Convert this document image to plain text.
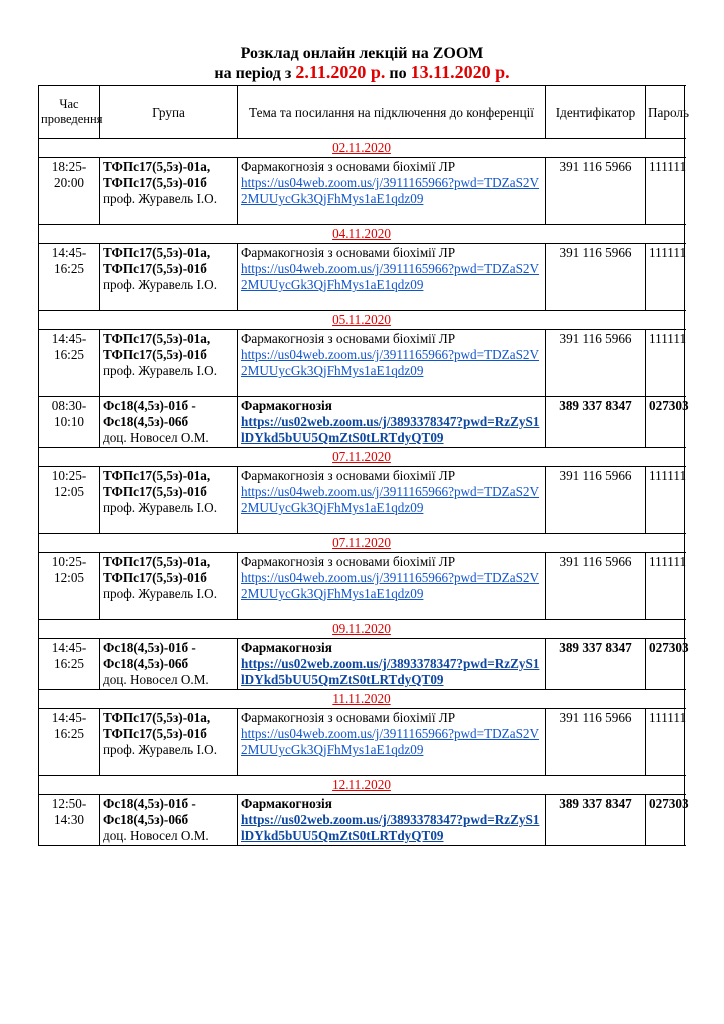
Розклад онлайн лекцій на ZOOM
на період з 2.11.2020 р. по 13.11.2020 р.
Час проведення	Група	Тема та посилання на підключення до конференції	Ідентифікатор	Пароль
02.11.2020				
18:25-20:00	ТФПс17(5,5з)-01а,
ТФПс17(5,5з)-01б
проф. Журавель І.О.	Фармакогнозія з основами біохімії ЛР
https://us04web.zoom.us/j/3911165966?pwd=TDZaS2V2MUUycGk3QjFhMys1aE1qdz09	391 116 5966	111111
04.11.2020				
14:45-16:25	ТФПс17(5,5з)-01а,
ТФПс17(5,5з)-01б
проф. Журавель І.О.	Фармакогнозія з основами біохімії ЛР
https://us04web.zoom.us/j/3911165966?pwd=TDZaS2V2MUUycGk3QjFhMys1aE1qdz09	391 116 5966	111111
05.11.2020				
14:45-16:25	ТФПс17(5,5з)-01а,
ТФПс17(5,5з)-01б
проф. Журавель І.О.	Фармакогнозія з основами біохімії ЛР
https://us04web.zoom.us/j/3911165966?pwd=TDZaS2V2MUUycGk3QjFhMys1aE1qdz09	391 116 5966	111111
08:30-10:10	Фс18(4,5з)-01б -
Фс18(4,5з)-06б
доц. Новосел О.М.	Фармакогнозія
https://us02web.zoom.us/j/3893378347?pwd=RzZyS1lDYkd5bUU5QmZtS0tLRTdyQT09	389 337 8347	027303
07.11.2020				
10:25-12:05	ТФПс17(5,5з)-01а,
ТФПс17(5,5з)-01б
проф. Журавель І.О.	Фармакогнозія з основами біохімії ЛР
https://us04web.zoom.us/j/3911165966?pwd=TDZaS2V2MUUycGk3QjFhMys1aE1qdz09	391 116 5966	111111
07.11.2020				
10:25-12:05	ТФПс17(5,5з)-01а,
ТФПс17(5,5з)-01б
проф. Журавель І.О.	Фармакогнозія з основами біохімії ЛР
https://us04web.zoom.us/j/3911165966?pwd=TDZaS2V2MUUycGk3QjFhMys1aE1qdz09	391 116 5966	111111
09.11.2020				
14:45-16:25	Фс18(4,5з)-01б -
Фс18(4,5з)-06б
доц. Новосел О.М.	Фармакогнозія
https://us02web.zoom.us/j/3893378347?pwd=RzZyS1lDYkd5bUU5QmZtS0tLRTdyQT09	389 337 8347	027303
11.11.2020				
14:45-16:25	ТФПс17(5,5з)-01а,
ТФПс17(5,5з)-01б
проф. Журавель І.О.	Фармакогнозія з основами біохімії ЛР
https://us04web.zoom.us/j/3911165966?pwd=TDZaS2V2MUUycGk3QjFhMys1aE1qdz09	391 116 5966	111111
12.11.2020				
12:50-14:30	Фс18(4,5з)-01б -
Фс18(4,5з)-06б
доц. Новосел О.М.	Фармакогнозія
https://us02web.zoom.us/j/3893378347?pwd=RzZyS1lDYkd5bUU5QmZtS0tLRTdyQT09	389 337 8347	027303
